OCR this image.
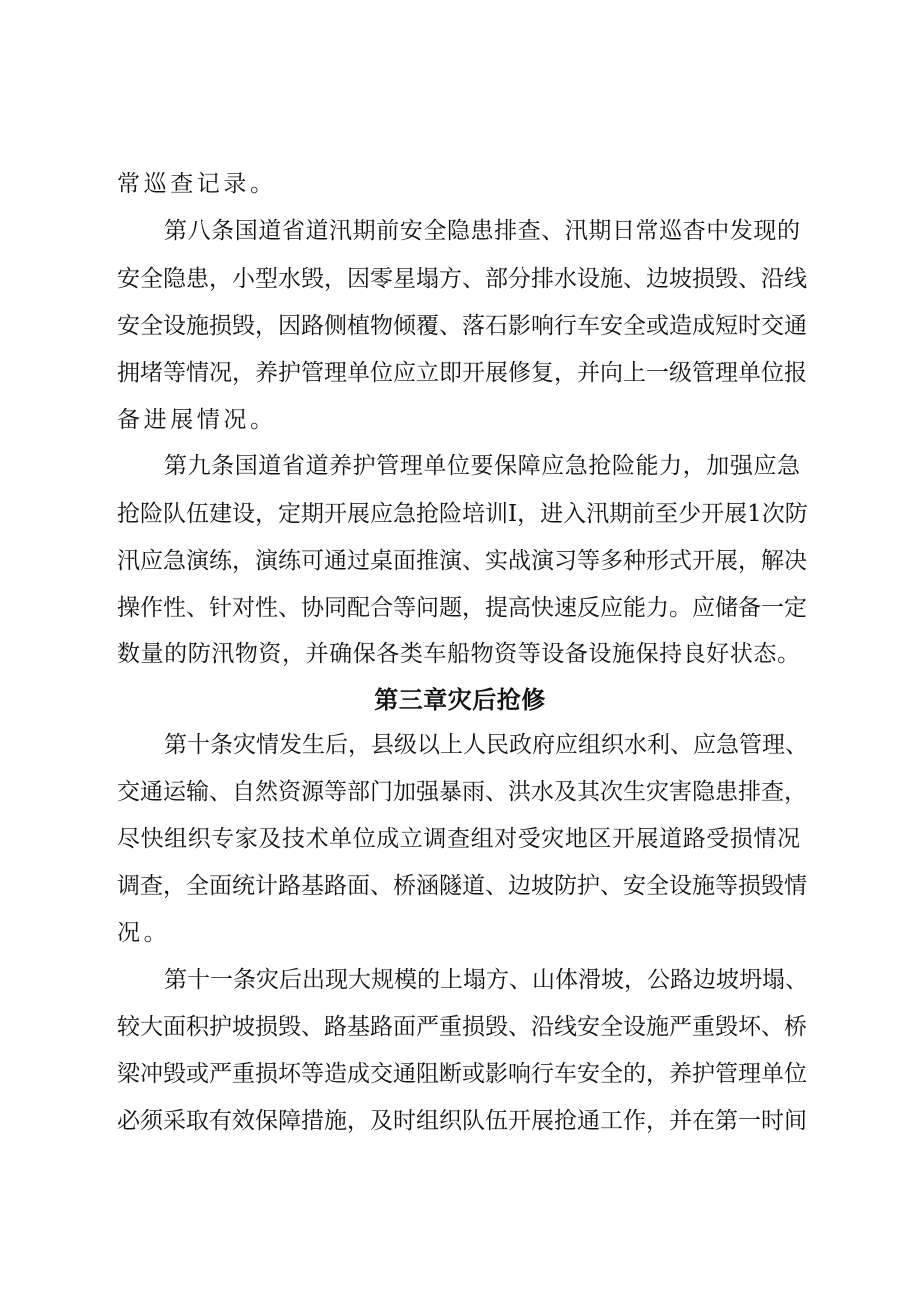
常巡查记录。
第八条国道省道汛期前安全隐患排查、汛期日常巡杳中发现的
安全隐患，小型水毁，因零星塌方、部分排水设施、边坡损毁、沿线
安全设施损毁，因路侧植物倾覆、落石影响行车安全或造成短时交通
拥堵等情况，养护管理单位应立即开展修复，并向上一级管理单位报
备进展情况。
第九条国道省道养护管理单位要保障应急抢险能力，加强应急
抢险队伍建设，定期开展应急抢险培训I，进入汛期前至少开展1次防
汛应急演练，演练可通过桌面推演、实战演习等多种形式开展，解决
操作性、针对性、协同配合等问题，提高快速反应能力。应储备一定
数量的防汛物资，并确保各类车船物资等设备设施保持良好状态。
第三章灾后抢修
第十条灾情发生后，县级以上人民政府应组织水利、应急管理、
交通运输、自然资源等部门加强暴雨、洪水及其次生灾害隐患排查，
尽快组织专家及技术单位成立调查组对受灾地区开展道路受损情况
调查，全面统计路基路面、桥涵隧道、边坡防护、安全设施等损毁情
况。
第十一条灾后出现大规模的上塌方、山体滑坡，公路边坡坍塌、
较大面积护坡损毁、路基路面严重损毁、沿线安全设施严重毁坏、桥
梁冲毁或严重损坏等造成交通阻断或影响行车安全的，养护管理单位
必须采取有效保障措施，及时组织队伍开展抢通工作，并在第一时间
